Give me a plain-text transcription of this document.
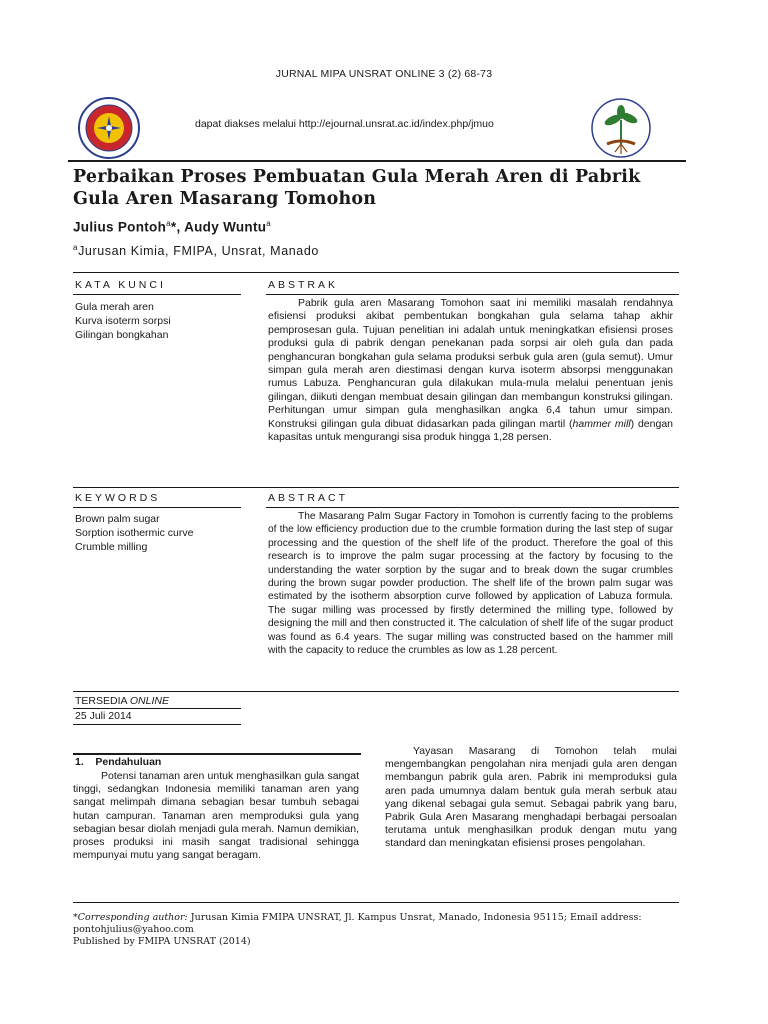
JURNAL MIPA UNSRAT ONLINE 3 (2) 68-73
dapat diakses melalui http://ejournal.unsrat.ac.id/index.php/jmuo
Perbaikan Proses Pembuatan Gula Merah Aren di Pabrik Gula Aren Masarang Tomohon
Julius Pontoh$^a$*, Audy Wuntu$^a$
$^a$Jurusan Kimia, FMIPA, Unsrat, Manado
KATA KUNCI	ABSTRAK
Gula merah aren
Kurva isoterm sorpsi
Gilingan bongkahan
Pabrik gula aren Masarang Tomohon saat ini memiliki masalah rendahnya efisiensi produksi akibat pembentukan bongkahan gula selama tahap akhir pemprosesan gula. Tujuan penelitian ini adalah untuk meningkatkan efisiensi proses produksi gula di pabrik dengan penekanan pada sorpsi air oleh gula dan pada penghancuran bongkahan gula selama produksi serbuk gula aren (gula semut). Umur simpan gula merah aren diestimasi dengan kurva isoterm absorpsi menggunakan rumus Labuza. Penghancuran gula dilakukan mula-mula melalui penentuan jenis gilingan, diikuti dengan membuat desain gilingan dan membangun konstruksi gilingan. Perhitungan umur simpan gula menghasilkan angka 6,4 tahun umur simpan. Konstruksi gilingan gula dibuat didasarkan pada gilingan martil (hammer mill) dengan kapasitas untuk mengurangi sisa produk hingga 1,28 persen.
KEYWORDS	ABSTRACT
Brown palm sugar
Sorption isothermic curve
Crumble milling
The Masarang Palm Sugar Factory in Tomohon is currently facing to the problems of the low efficiency production due to the crumble formation during the last step of sugar processing and the question of the shelf life of the product. Therefore the goal of this research is to improve the palm sugar processing at the factory by focusing to the understanding the water sorption by the sugar and to break down the sugar crumbles during the brown sugar powder production. The shelf life of the brown palm sugar was estimated by the isotherm absorption curve followed by application of Labuza formula. The sugar milling was processed by firstly determined the milling type, followed by designing the mill and then constructed it. The calculation of shelf life of the sugar product was found as 6.4 years. The sugar milling was constructed based on the hammer mill with the capacity to reduce the crumbles as low as 1.28 percent.
TERSEDIA ONLINE
25 Juli 2014
1.    Pendahuluan
Potensi tanaman aren untuk menghasilkan gula sangat tinggi, sedangkan Indonesia memiliki tanaman aren yang sangat melimpah dimana sebagian besar tumbuh sebagai hutan campuran. Tanaman aren memproduksi gula yang sebagian besar diolah menjadi gula merah. Namun demikian, proses produksi ini masih sangat tradisional sehingga mempunyai mutu yang sangat beragam.
Yayasan Masarang di Tomohon telah mulai mengembangkan pengolahan nira menjadi gula aren dengan membangun pabrik gula aren. Pabrik ini memproduksi gula aren pada umumnya dalam bentuk gula merah serbuk atau yang dikenal sebagai gula semut. Sebagai pabrik yang baru, Pabrik Gula Aren Masarang menghadapi berbagai persoalan terutama untuk menghasilkan produk dengan mutu yang standard dan meningkatan efisiensi proses pengolahan.
*Corresponding author: Jurusan Kimia FMIPA UNSRAT, Jl. Kampus Unsrat, Manado, Indonesia 95115; Email address: pontohjulius@yahoo.com
Published by FMIPA UNSRAT (2014)
